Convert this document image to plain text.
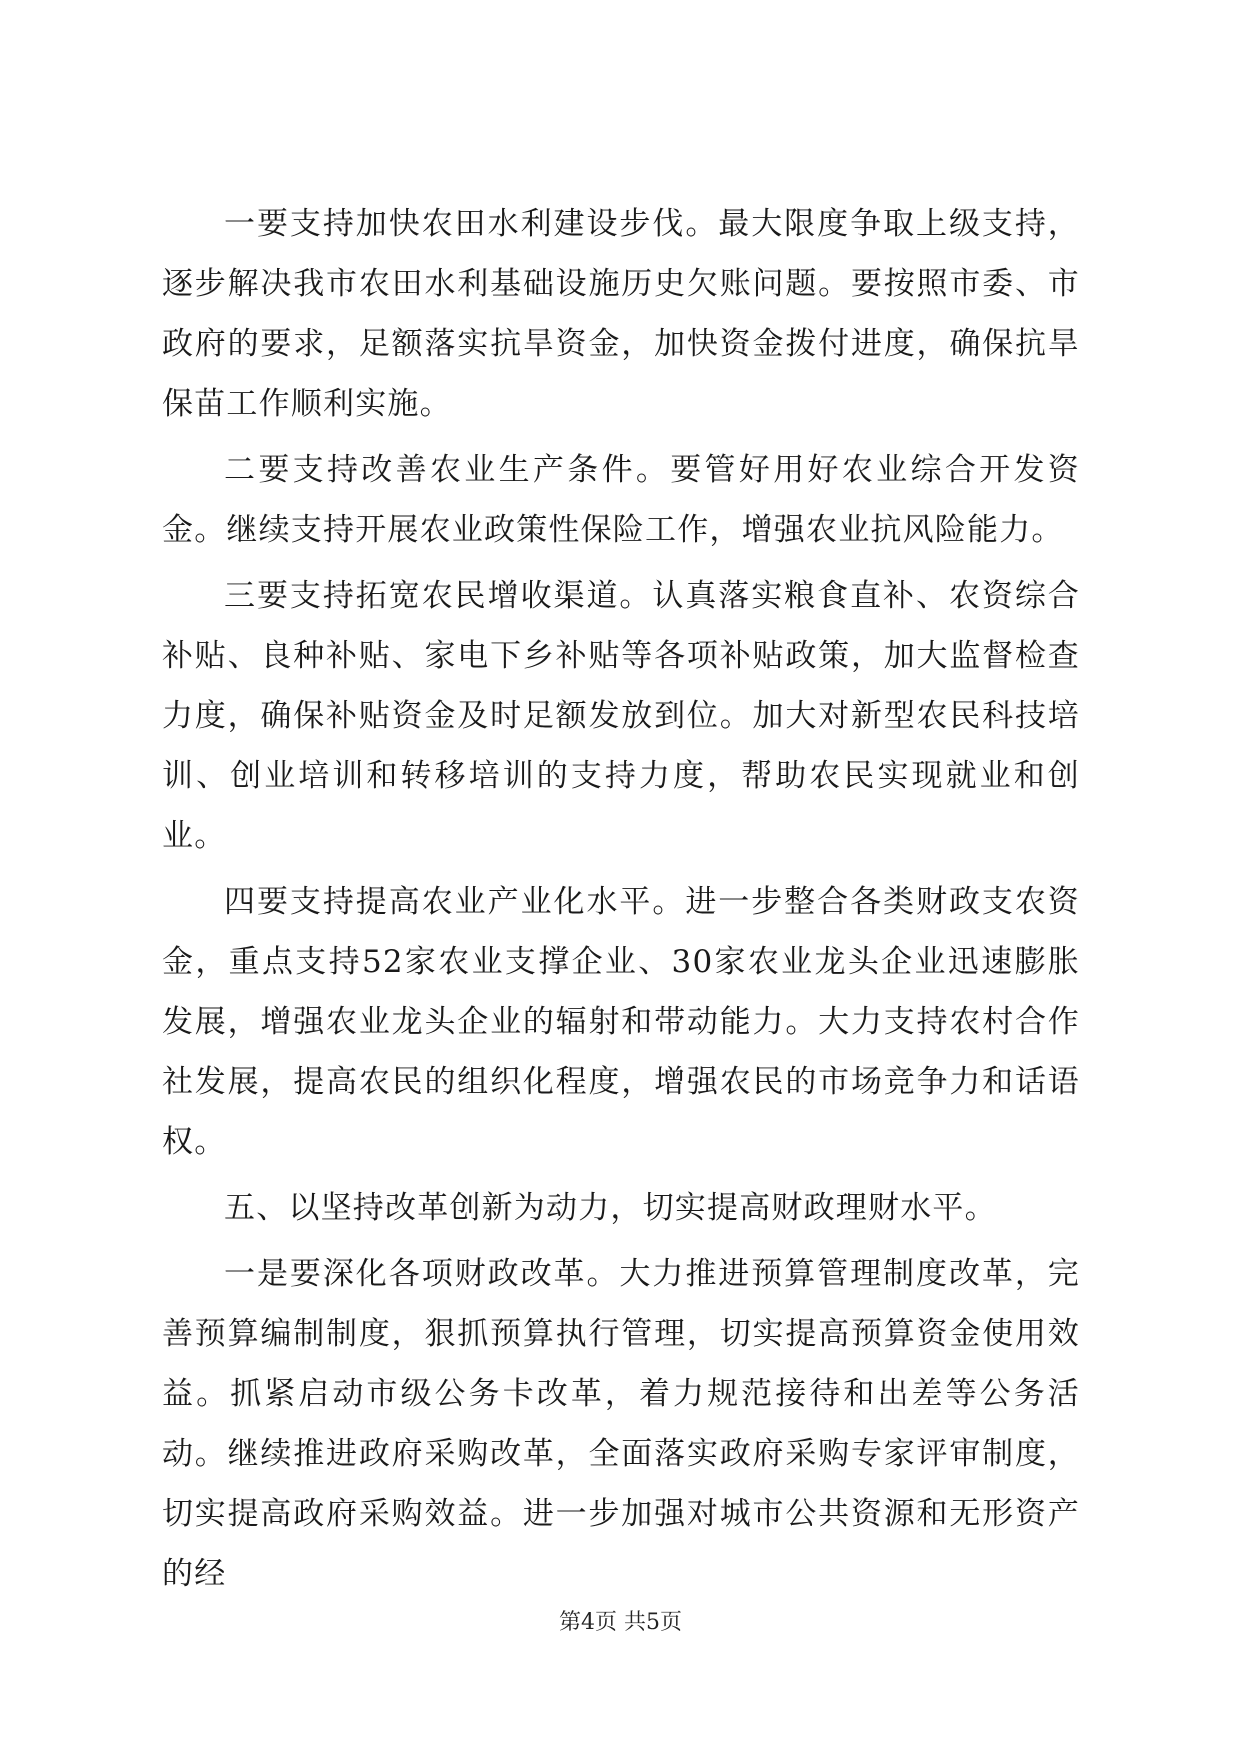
一要支持加快农田水利建设步伐。最大限度争取上级支持，逐步解决我市农田水利基础设施历史欠账问题。要按照市委、市政府的要求，足额落实抗旱资金，加快资金拨付进度，确保抗旱保苗工作顺利实施。

二要支持改善农业生产条件。要管好用好农业综合开发资金。继续支持开展农业政策性保险工作，增强农业抗风险能力。

三要支持拓宽农民增收渠道。认真落实粮食直补、农资综合补贴、良种补贴、家电下乡补贴等各项补贴政策，加大监督检查力度，确保补贴资金及时足额发放到位。加大对新型农民科技培训、创业培训和转移培训的支持力度，帮助农民实现就业和创业。

四要支持提高农业产业化水平。进一步整合各类财政支农资金，重点支持52家农业支撑企业、30家农业龙头企业迅速膨胀发展，增强农业龙头企业的辐射和带动能力。大力支持农村合作社发展，提高农民的组织化程度，增强农民的市场竞争力和话语权。

五、以坚持改革创新为动力，切实提高财政理财水平。

一是要深化各项财政改革。大力推进预算管理制度改革，完善预算编制制度，狠抓预算执行管理，切实提高预算资金使用效益。抓紧启动市级公务卡改革，着力规范接待和出差等公务活动。继续推进政府采购改革，全面落实政府采购专家评审制度，切实提高政府采购效益。进一步加强对城市公共资源和无形资产的经

第4页 共5页
